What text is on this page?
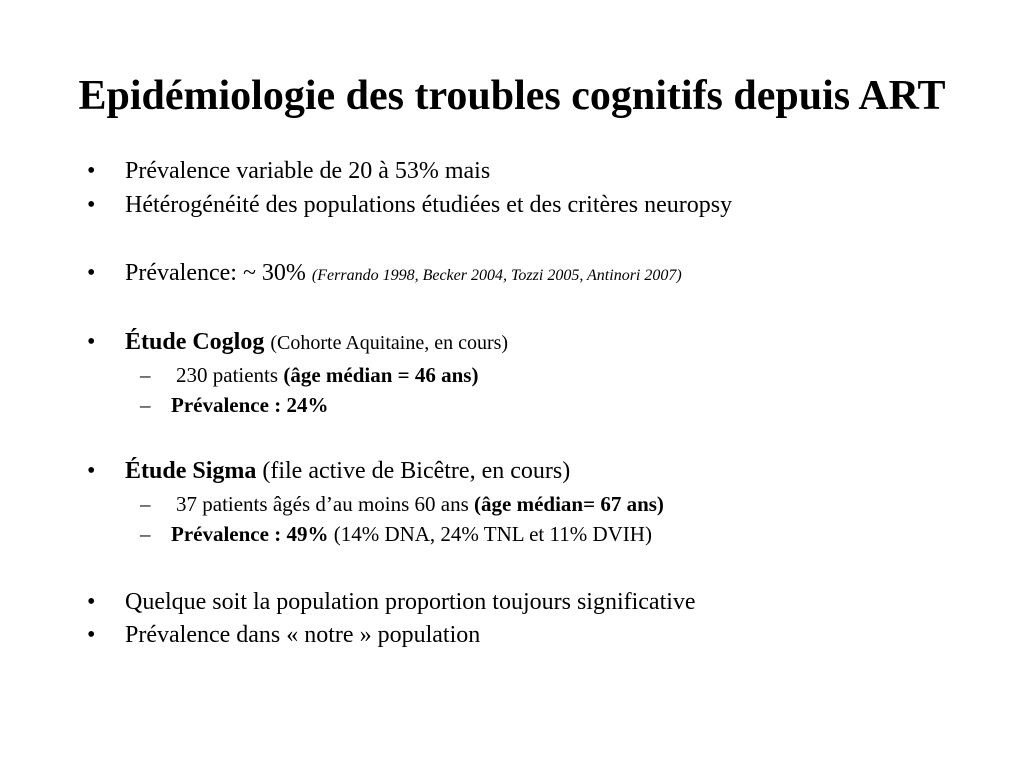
Epidémiologie des troubles cognitifs depuis ART
• Prévalence variable de 20 à 53% mais
• Hétérogénéité des populations étudiées et des critères neuropsy
• Prévalence: ~ 30% (Ferrando 1998, Becker 2004, Tozzi 2005, Antinori 2007)
• Étude Coglog (Cohorte Aquitaine, en cours)
– 230 patients (âge médian = 46 ans)
– Prévalence : 24%
• Étude Sigma (file active de Bicêtre, en cours)
– 37 patients âgés d’au moins 60 ans (âge médian= 67 ans)
– Prévalence : 49% (14% DNA, 24% TNL et 11% DVIH)
• Quelque soit la population proportion toujours significative
• Prévalence dans « notre » population
